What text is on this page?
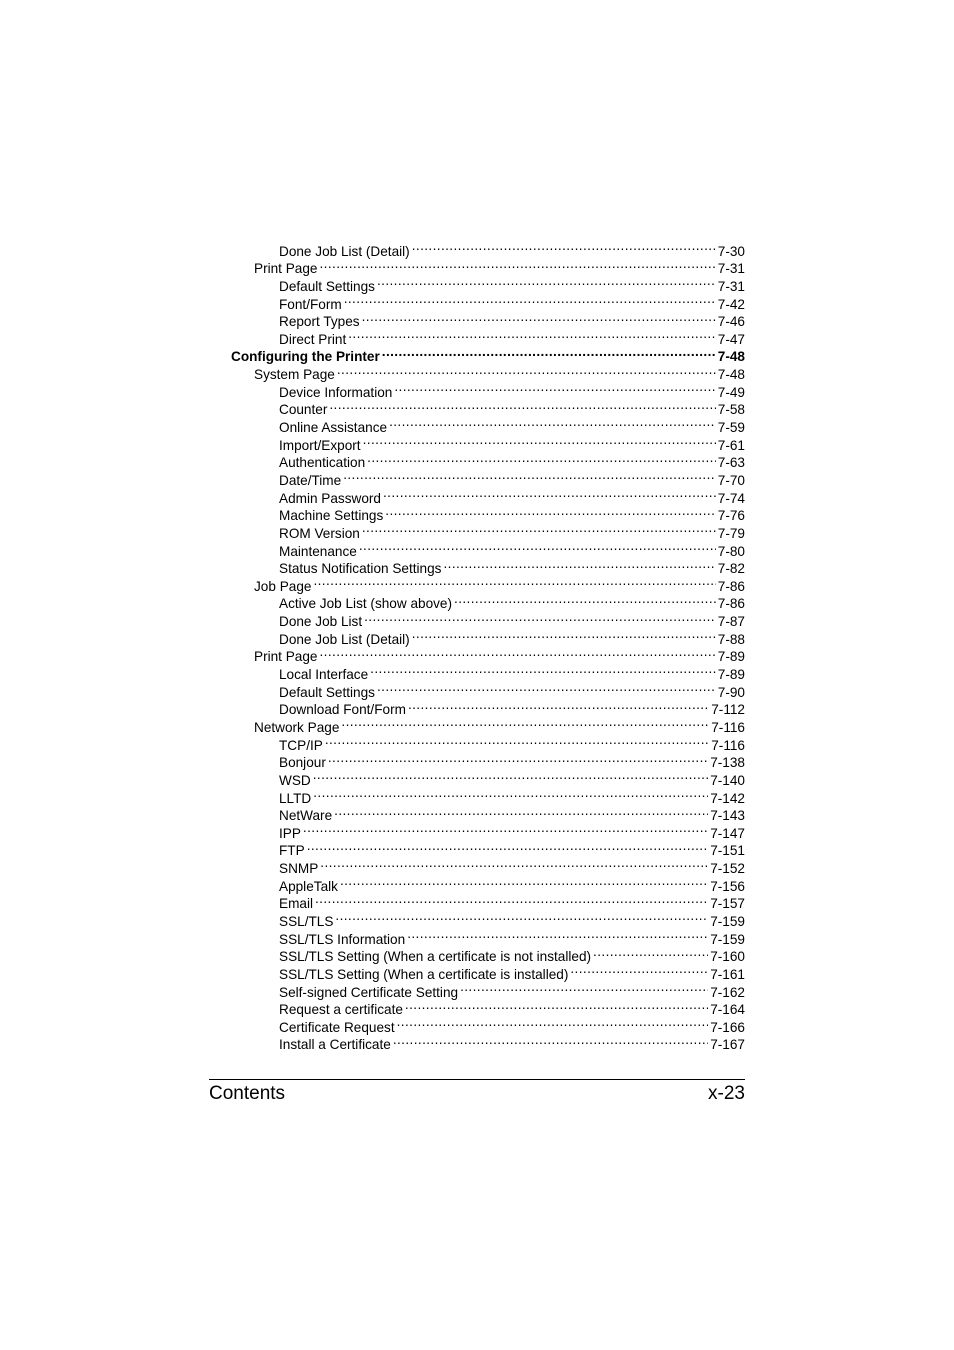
Done Job List (Detail) .....	7-30
Print Page .....	7-31
Default Settings .....	7-31
Font/Form .....	7-42
Report Types .....	7-46
Direct Print .....	7-47
Configuring the Printer .....	7-48
System Page .....	7-48
Device Information .....	7-49
Counter .....	7-58
Online Assistance .....	7-59
Import/Export .....	7-61
Authentication .....	7-63
Date/Time .....	7-70
Admin Password .....	7-74
Machine Settings .....	7-76
ROM Version .....	7-79
Maintenance .....	7-80
Status Notification Settings .....	7-82
Job Page .....	7-86
Active Job List (show above) .....	7-86
Done Job List .....	7-87
Done Job List (Detail) .....	7-88
Print Page .....	7-89
Local Interface .....	7-89
Default Settings .....	7-90
Download Font/Form .....	7-112
Network Page .....	7-116
TCP/IP .....	7-116
Bonjour .....	7-138
WSD .....	7-140
LLTD .....	7-142
NetWare .....	7-143
IPP .....	7-147
FTP .....	7-151
SNMP .....	7-152
AppleTalk .....	7-156
Email .....	7-157
SSL/TLS .....	7-159
SSL/TLS Information .....	7-159
SSL/TLS Setting (When a certificate is not installed) .....	7-160
SSL/TLS Setting (When a certificate is installed) .....	7-161
Self-signed Certificate Setting .....	7-162
Request a certificate .....	7-164
Certificate Request .....	7-166
Install a Certificate .....	7-167
Contents	x-23
